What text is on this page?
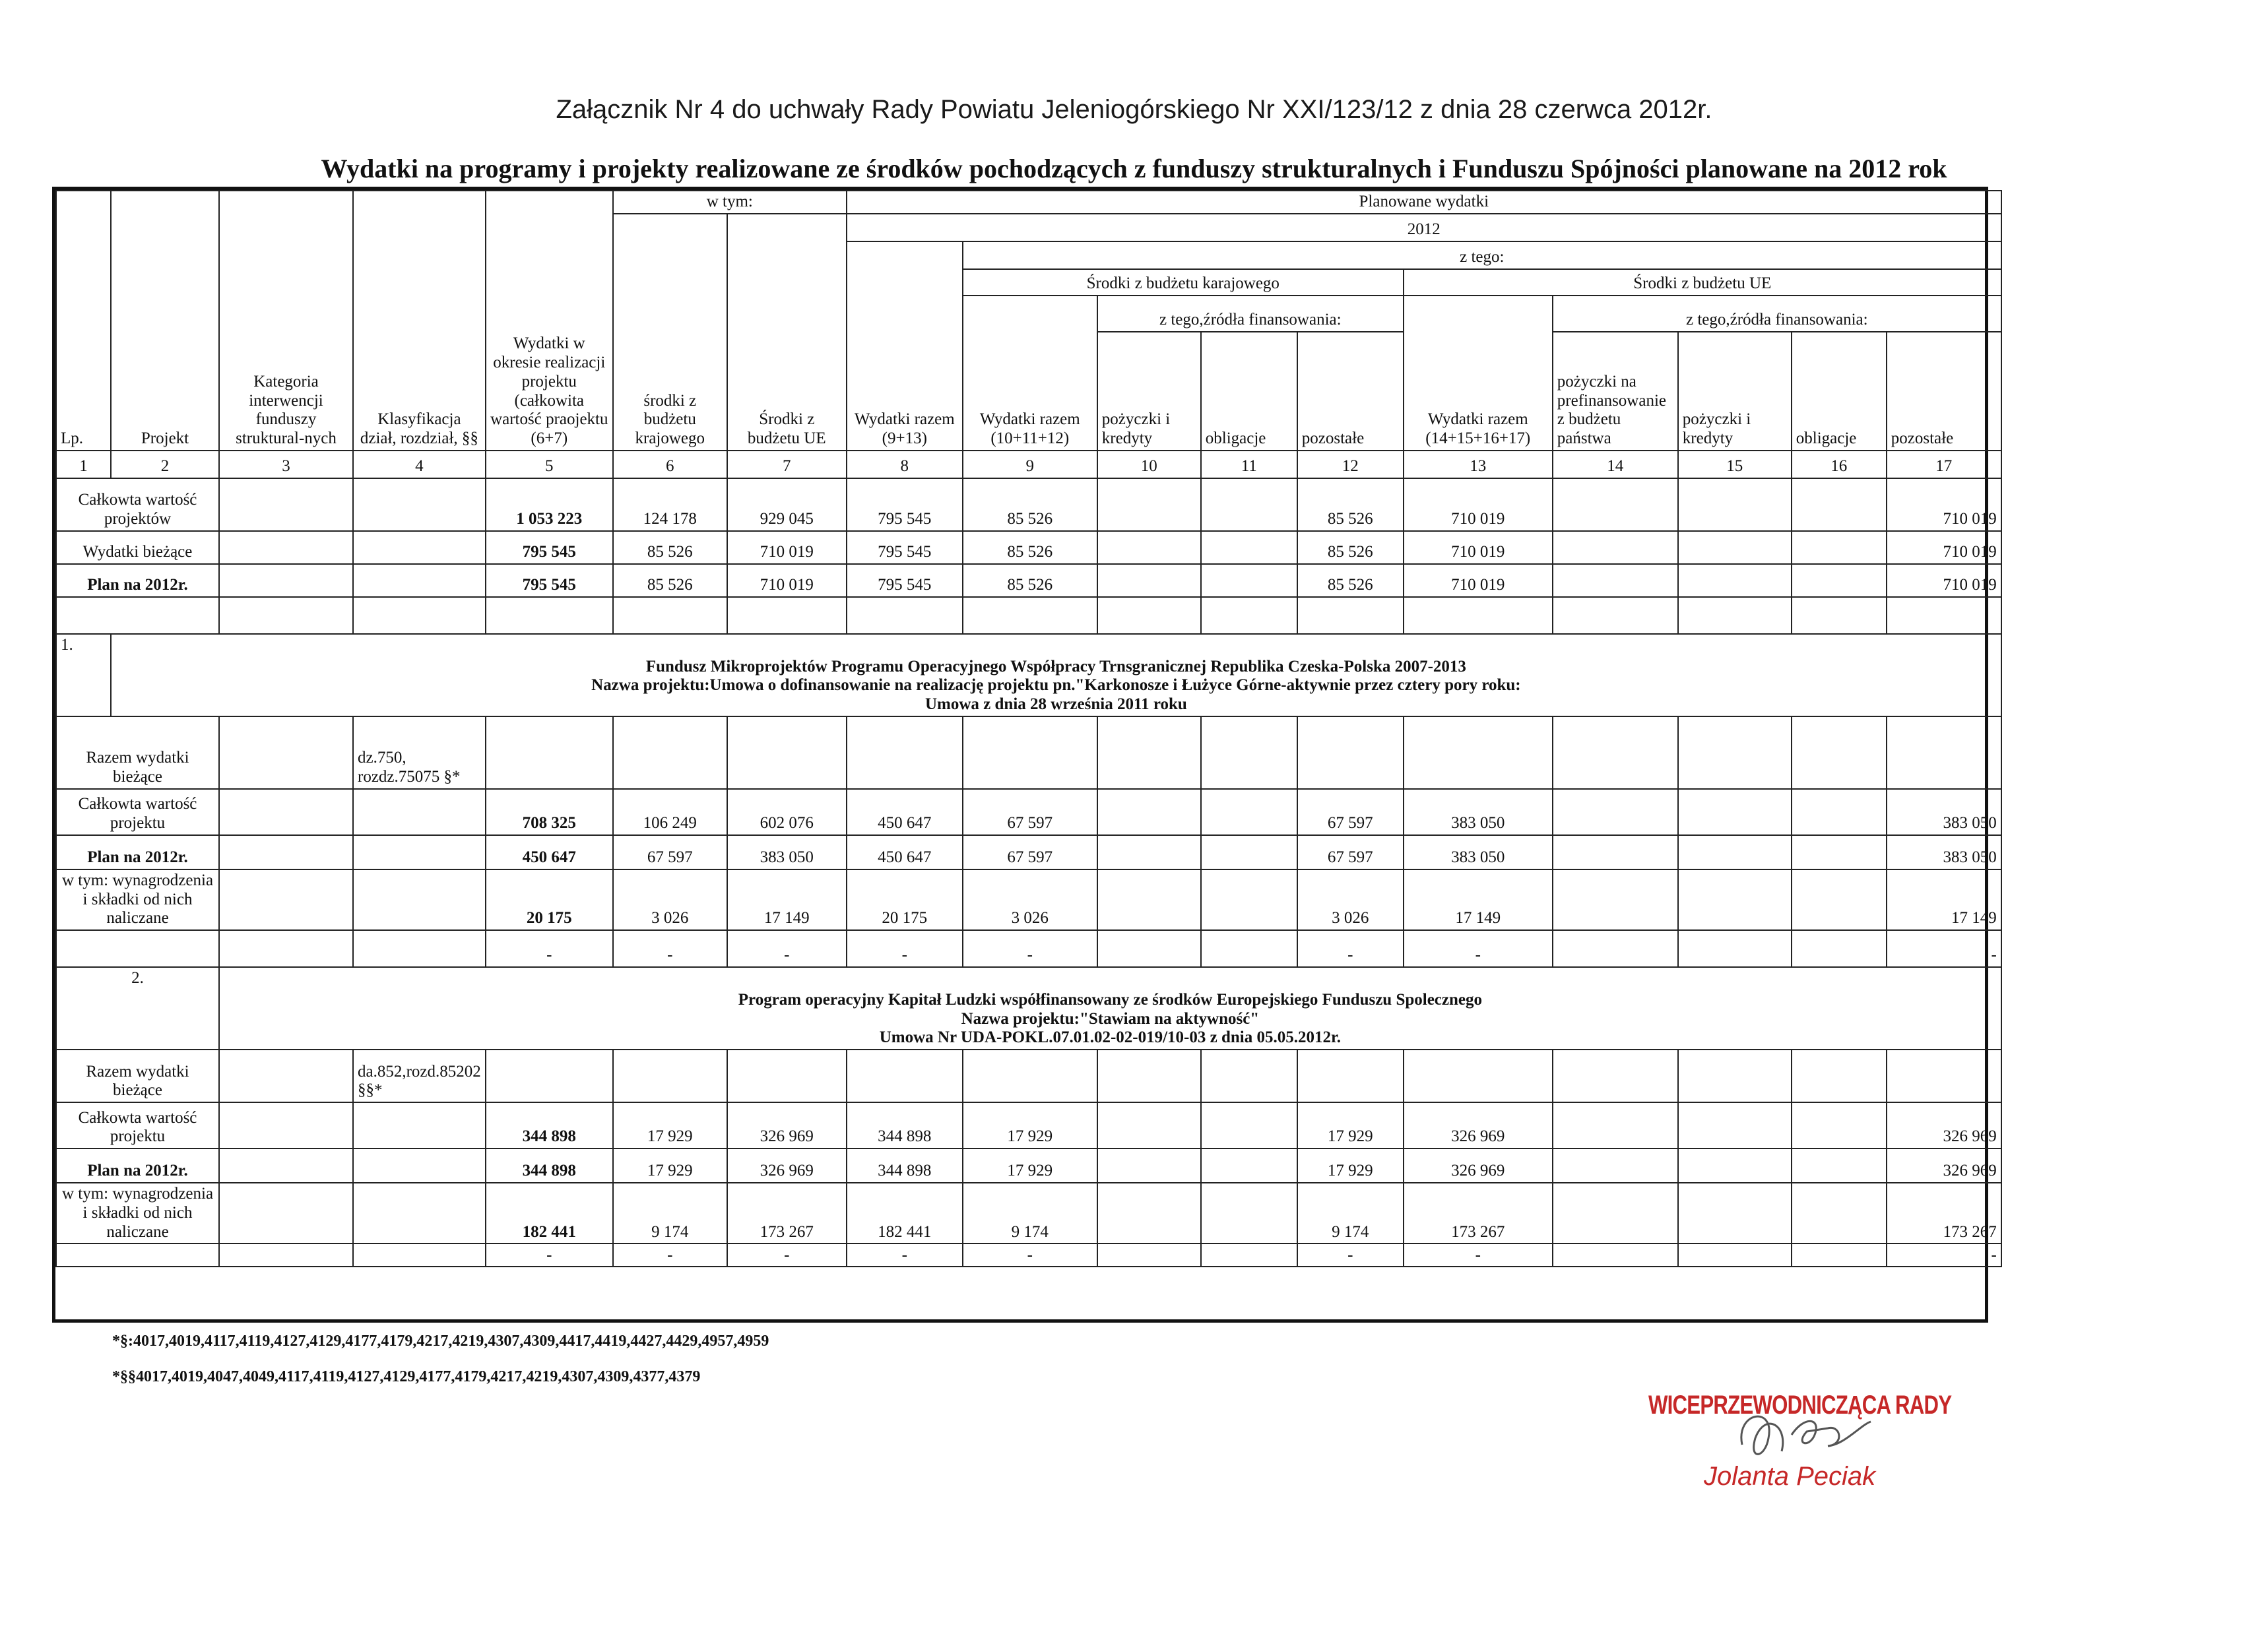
Załącznik Nr 4 do uchwały Rady Powiatu Jeleniogórskiego Nr XXI/123/12 z dnia 28 czerwca 2012r.
Wydatki na programy i projekty realizowane ze środków pochodzących z funduszy strukturalnych i Funduszu Spójności planowane na 2012 rok
Lp.	Projekt	Kategoria interwencji funduszy struktural-nych	Klasyfikacja dział, rozdział, §§	Wydatki w okresie realizacji projektu (całkowita wartość praojektu (6+7)	w tym:		Planowane wydatki									
					środki z budżetu krajowego	Środki z budżetu UE	2012									
							Wydatki razem (9+13)	z tego:								
								Środki z budżetu karajowego				Środki z budżetu UE				
								Wydatki razem (10+11+12)	z tego,źródła finansowania:			Wydatki razem (14+15+16+17)	z tego,źródła finansowania:			
									pożyczki i kredyty	obligacje	pozostałe		pożyczki na prefinansowanie z budżetu państwa	pożyczki i kredyty	obligacje	pozostałe
1	2	3	4	5	6	7	8	9	10	11	12	13	14	15	16	17
Całkowta wartość projektów				1 053 223	124 178	929 045	795 545	85 526			85 526	710 019				710 019
Wydatki bieżące				795 545	85 526	710 019	795 545	85 526			85 526	710 019				710 019
Plan na 2012r.				795 545	85 526	710 019	795 545	85 526			85 526	710 019				710 019

1.	Fundusz Mikroprojektów Programu Operacyjnego Współpracy Trnsgranicznej Republika Czeska-Polska 2007-2013
Nazwa projektu:Umowa o dofinansowanie na realizację projektu pn."Karkonosze i Łużyce Górne-aktywnie przez cztery pory roku:
Umowa z dnia 28 września 2011 roku															

Razem wydatki bieżące			dz.750, rozdz.75075 §*													
Całkowta wartość projektu				708 325	106 249	602 076	450 647	67 597			67 597	383 050				383 050
Plan na 2012r.				450 647	67 597	383 050	450 647	67 597			67 597	383 050				383 050
w tym: wynagrodzenia i składki od nich naliczane				20 175	3 026	17 149	20 175	3 026			3 026	17 149				17 149
				-	-	-	-	-			-	-				-
2.		Program operacyjny Kapitał Ludzki współfinansowany ze środków Europejskiego Funduszu Spolecznego
Nazwa projektu:"Stawiam na aktywność"
Umowa Nr UDA-POKL.07.01.02-02-019/10-03 z dnia 05.05.2012r.														

Razem wydatki bieżące			da.852,rozd.85202 §§*													
Całkowta wartość projektu				344 898	17 929	326 969	344 898	17 929			17 929	326 969				326 969
Plan na 2012r.				344 898	17 929	326 969	344 898	17 929			17 929	326 969				326 969
w tym: wynagrodzenia i składki od nich naliczane				182 441	9 174	173 267	182 441	9 174			9 174	173 267				173 267
				-	-	-	-	-			-	-				-
*§:4017,4019,4117,4119,4127,4129,4177,4179,4217,4219,4307,4309,4417,4419,4427,4429,4957,4959
*§§4017,4019,4047,4049,4117,4119,4127,4129,4177,4179,4217,4219,4307,4309,4377,4379
WICEPRZEWODNICZĄCA RADY
Jolanta Peciak
